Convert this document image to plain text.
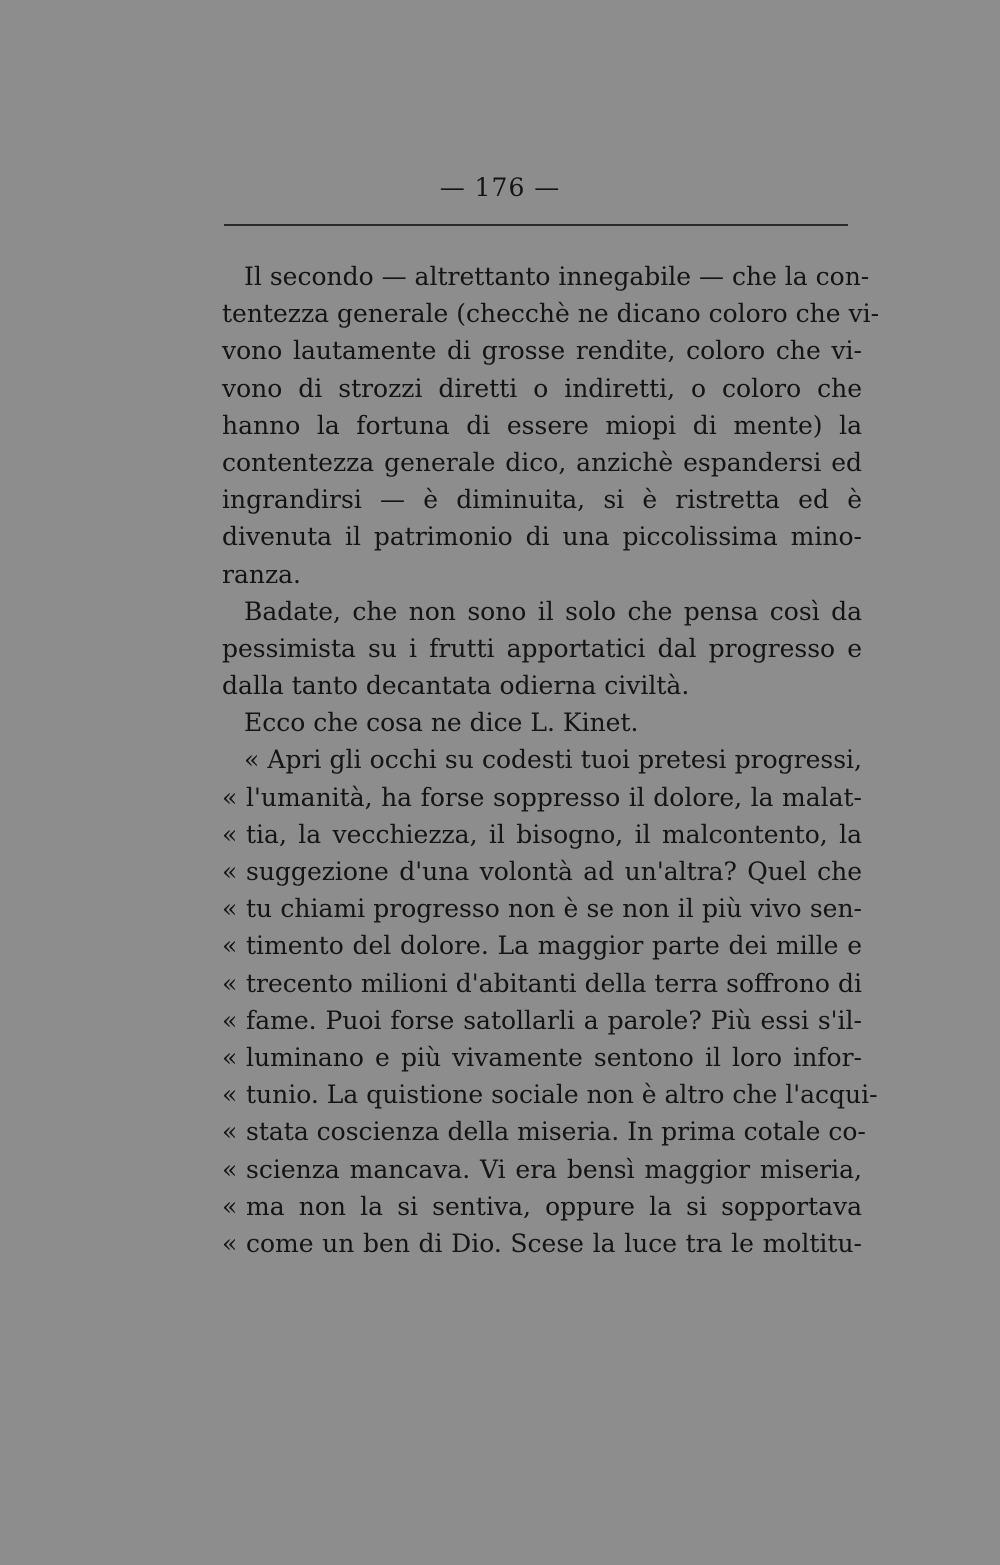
— 176 —
Il secondo — altrettanto innegabile — che la con-
tentezza generale (checchè ne dicano coloro che vi-
vono lautamente di grosse rendite, coloro che vi-
vono di strozzi diretti o indiretti, o coloro che
hanno la fortuna di essere miopi di mente) la
contentezza generale dico, anzichè espandersi ed
ingrandirsi — è diminuita, si è ristretta ed è
divenuta il patrimonio di una piccolissima mino-
ranza.
Badate, che non sono il solo che pensa così da
pessimista su i frutti apportatici dal progresso e
dalla tanto decantata odierna civiltà.
Ecco che cosa ne dice L. Kinet.
« Apri gli occhi su codesti tuoi pretesi progressi,
« l'umanità, ha forse soppresso il dolore, la malat-
« tia, la vecchiezza, il bisogno, il malcontento, la
« suggezione d'una volontà ad un'altra? Quel che
« tu chiami progresso non è se non il più vivo sen-
« timento del dolore. La maggior parte dei mille e
« trecento milioni d'abitanti della terra soffrono di
« fame. Puoi forse satollarli a parole? Più essi s'il-
« luminano e più vivamente sentono il loro infor-
« tunio. La quistione sociale non è altro che l'acqui-
« stata coscienza della miseria. In prima cotale co-
« scienza mancava. Vi era bensì maggior miseria,
« ma non la si sentiva, oppure la si sopportava
« come un ben di Dio. Scese la luce tra le moltitu-
